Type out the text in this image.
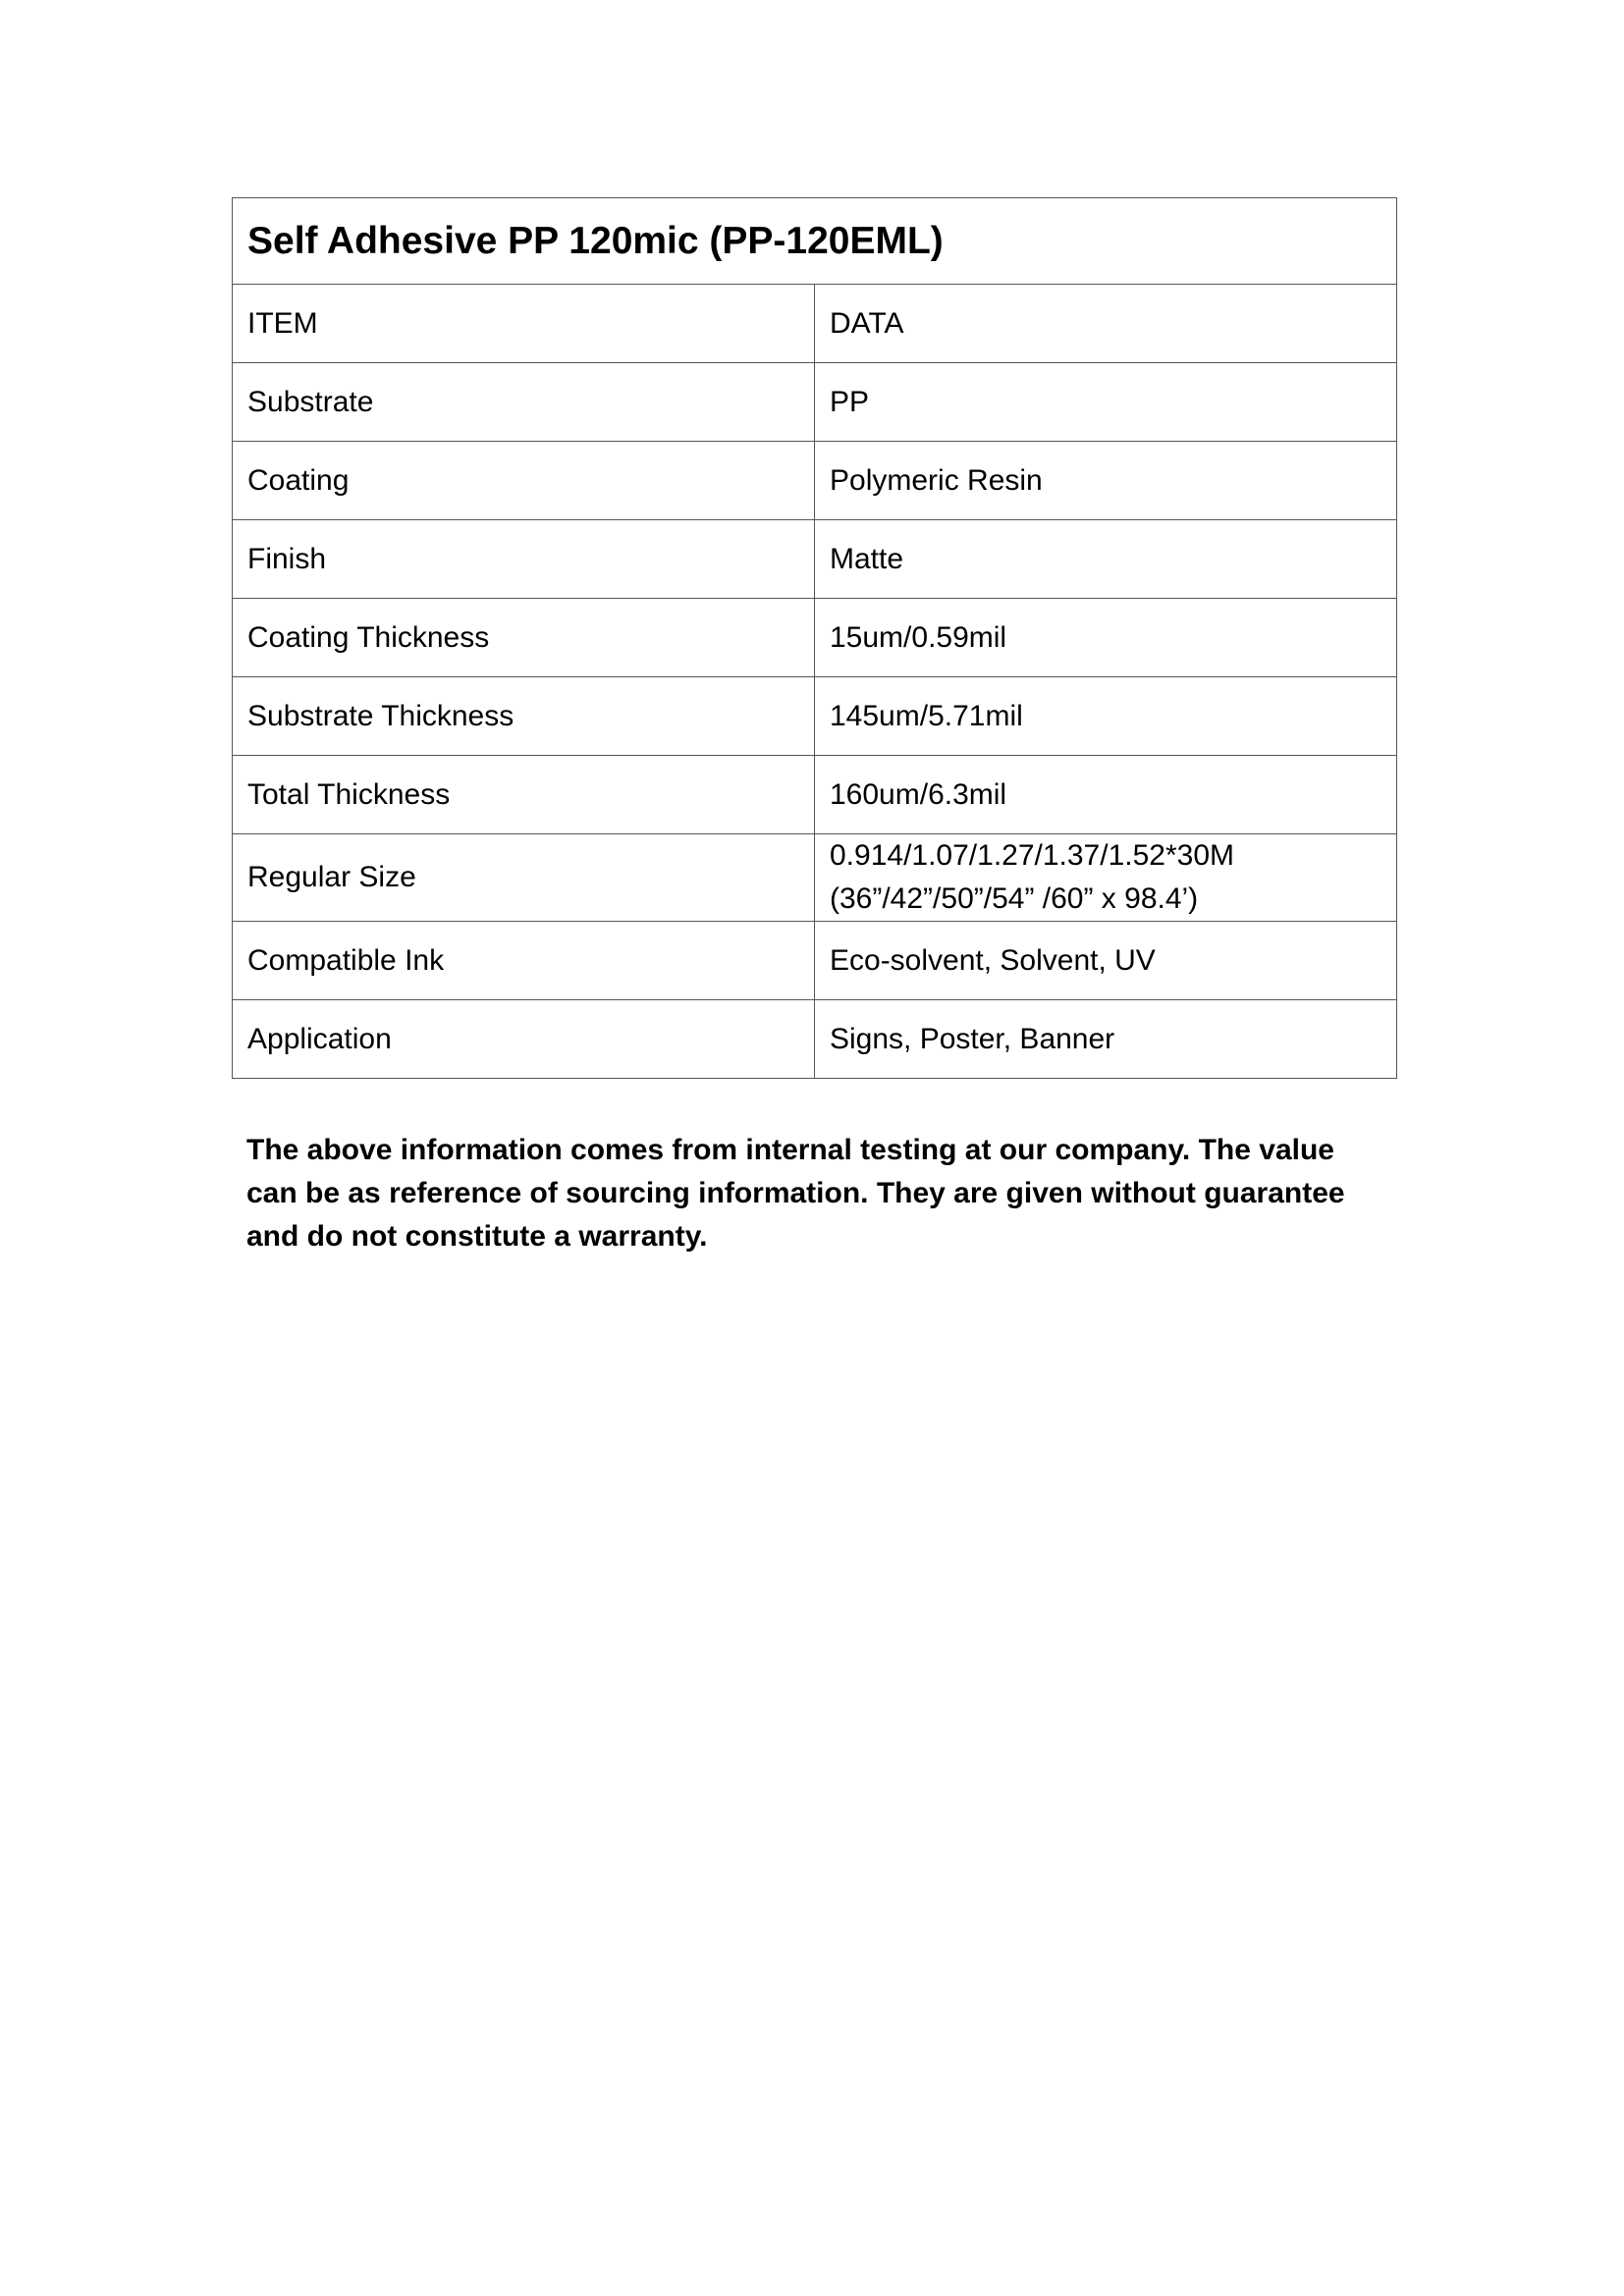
Self Adhesive PP 120mic (PP-120EML)	
ITEM	DATA
Substrate	PP
Coating	Polymeric Resin
Finish	Matte
Coating Thickness	15um/0.59mil
Substrate Thickness	145um/5.71mil
Total Thickness	160um/6.3mil
Regular Size	0.914/1.07/1.27/1.37/1.52*30M (36”/42”/50”/54” /60” x 98.4’)
Compatible Ink	Eco-solvent, Solvent, UV
Application	Signs, Poster, Banner

The above information comes from internal testing at our company. The value can be as reference of sourcing information. They are given without guarantee and do not constitute a warranty.
